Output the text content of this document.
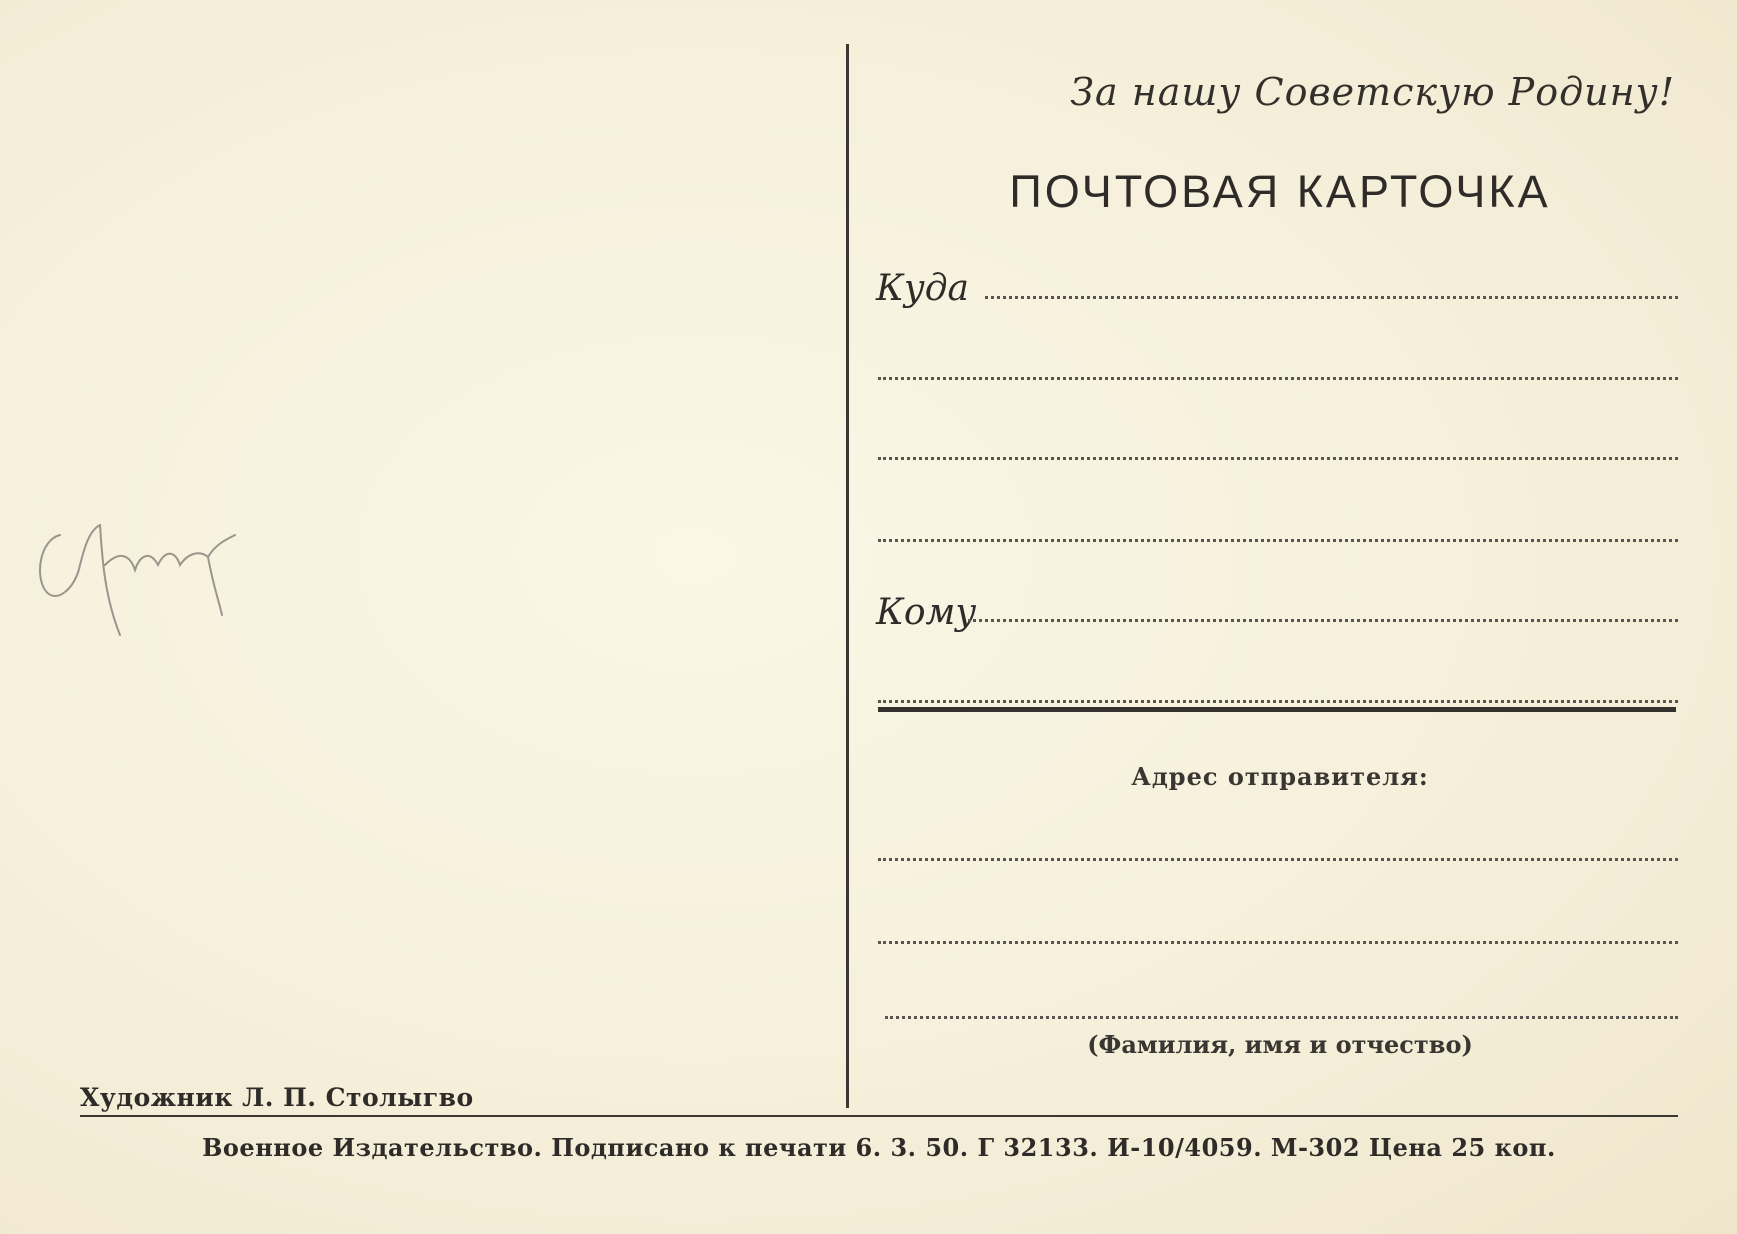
За нашу Советскую Родину!
ПОЧТОВАЯ КАРТОЧКА
Куда
Кому
Адрес отправителя:
(Фамилия, имя и отчество)
Художник Л. П. Столыгво
Военное Издательство. Подписано к печати 6. 3. 50. Г 32133. И-10/4059. М-302 Цена 25 коп.
